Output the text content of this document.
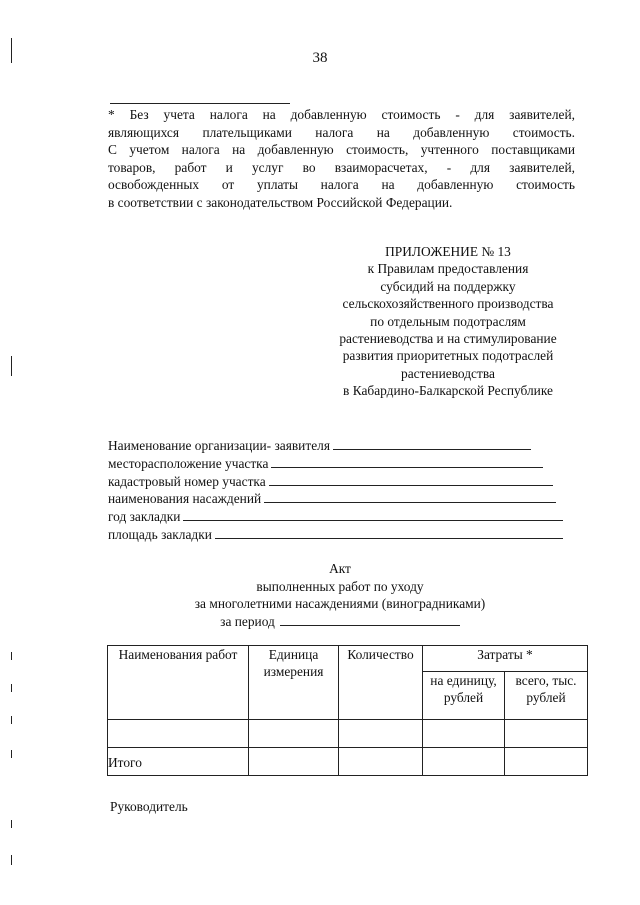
38

* Без учета налога на добавленную стоимость - для заявителей,

являющихся плательщиками налога на добавленную стоимость.

С учетом налога на добавленную стоимость, учтенного поставщиками

товаров, работ и услуг во взаиморасчетах, - для заявителей,

освобожденных от уплаты налога на добавленную стоимость

в соответствии с законодательством Российской Федерации.

ПРИЛОЖЕНИЕ № 13
к Правилам предоставления
субсидий на поддержку
сельскохозяйственного производства
по отдельным подотраслям
растениеводства и на стимулирование
развития приоритетных подотраслей
растениеводства
в Кабардино-Балкарской Республике
Наименование организации- заявителя
месторасположение участка
кадастровый номер участка
наименования насаждений
год закладки
площадь закладки
Акт
выполненных работ по уходу
за многолетними насаждениями (виноградниками)
за период
Наименования работ	Единица измерения	Количество	Затраты *	
			на единицу, рублей	всего, тыс. рублей

Итого				
Руководитель
